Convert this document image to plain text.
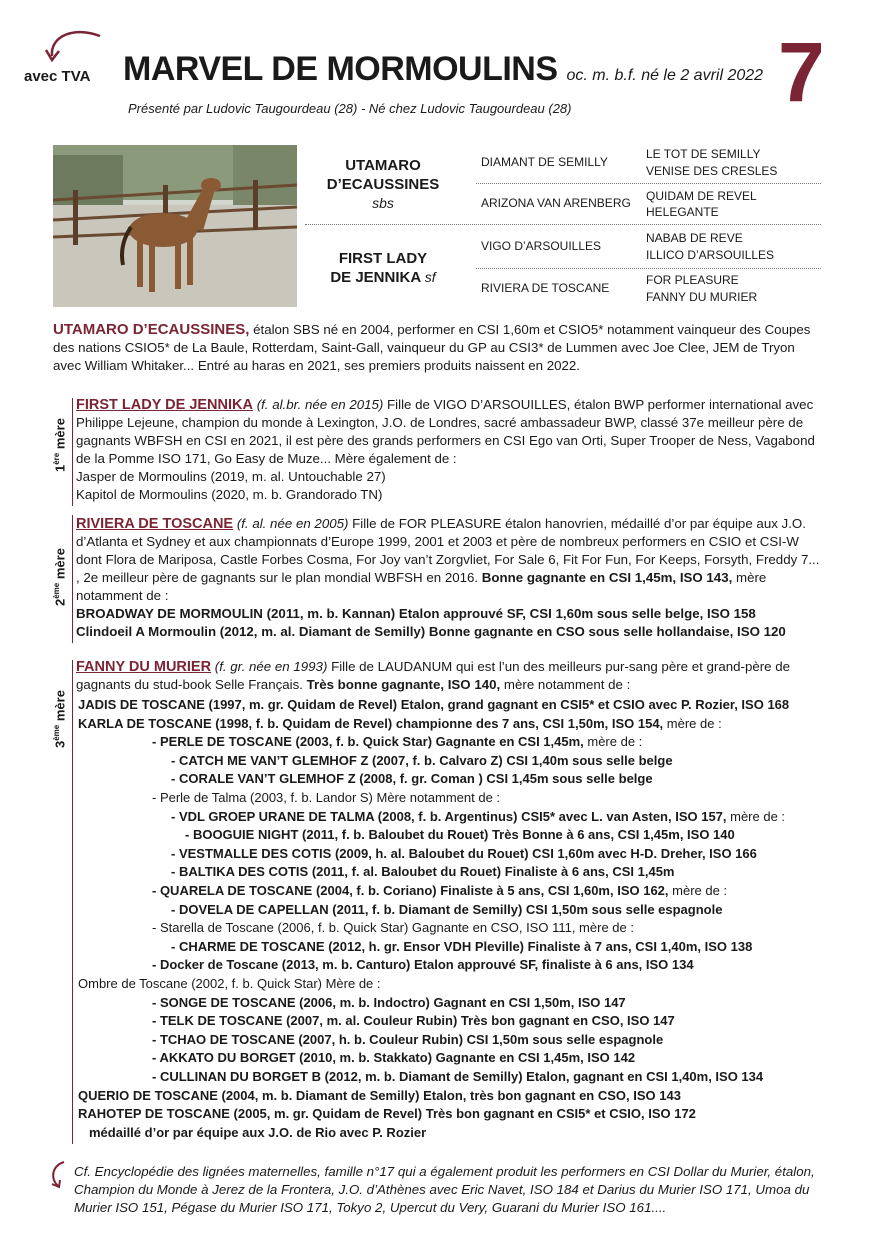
avec TVA MARVEL DE MORMOULINS oc. m. b.f. né le 2 avril 2022 7
Présenté par Ludovic Taugourdeau (28) - Né chez Ludovic Taugourdeau (28)
UTAMARO
D’ECAUSSINES
sbs
FIRST LADY
DE JENNIKA sf
DIAMANT DE SEMILLY
ARIZONA VAN ARENBERG
VIGO D’ARSOUILLES
RIVIERA DE TOSCANE
LE TOT DE SEMILLY
VENISE DES CRESLES
QUIDAM DE REVEL
HELEGANTE
NABAB DE REVE
ILLICO D’ARSOUILLES
FOR PLEASURE
FANNY DU MURIER
UTAMARO D’ECAUSSINES, étalon SBS né en 2004, performer en CSI 1,60m et CSIO5* notamment vainqueur des Coupes des nations CSIO5* de La Baule, Rotterdam, Saint-Gall, vainqueur du GP au CSI3* de Lummen avec Joe Clee, JEM de Tryon avec William Whitaker... Entré au haras en 2021, ses premiers produits naissent en 2022.
1ère mère
FIRST LADY DE JENNIKA (f. al.br. née en 2015) Fille de VIGO D’ARSOUILLES, étalon BWP performer international avec Philippe Lejeune, champion du monde à Lexington, J.O. de Londres, sacré ambassadeur BWP, classé 37e meilleur père de gagnants WBFSH en CSI en 2021, il est père des grands performers en CSI Ego van Orti, Super Trooper de Ness, Vagabond de la Pomme ISO 171, Go Easy de Muze... Mère également de :
Jasper de Mormoulins (2019, m. al. Untouchable 27)
Kapitol de Mormoulins (2020, m. b. Grandorado TN)
2ème mère
RIVIERA DE TOSCANE (f. al. née en 2005) Fille de FOR PLEASURE étalon hanovrien, médaillé d’or par équipe aux J.O. d’Atlanta et Sydney et aux championnats d’Europe 1999, 2001 et 2003 et père de nombreux performers en CSIO et CSI-W dont Flora de Mariposa, Castle Forbes Cosma, For Joy van’t Zorgvliet, For Sale 6, Fit For Fun, For Keeps, Forsyth, Freddy 7... , 2e meilleur père de gagnants sur le plan mondial WBFSH en 2016. Bonne gagnante en CSI 1,45m, ISO 143, mère notamment de :
BROADWAY DE MORMOULIN (2011, m. b. Kannan) Etalon approuvé SF, CSI 1,60m sous selle belge, ISO 158
Clindoeil A Mormoulin (2012, m. al. Diamant de Semilly) Bonne gagnante en CSO sous selle hollandaise, ISO 120
3ème mère
FANNY DU MURIER (f. gr. née en 1993) Fille de LAUDANUM qui est l’un des meilleurs pur-sang père et grand-père de gagnants du stud-book Selle Français. Très bonne gagnante, ISO 140, mère notamment de :
JADIS DE TOSCANE (1997, m. gr. Quidam de Revel) Etalon, grand gagnant en CSI5* et CSIO avec P. Rozier, ISO 168
KARLA DE TOSCANE (1998, f. b. Quidam de Revel) championne des 7 ans, CSI 1,50m, ISO 154, mère de :
- PERLE DE TOSCANE (2003, f. b. Quick Star) Gagnante en CSI 1,45m, mère de :
- CATCH ME VAN’T GLEMHOF Z (2007, f. b. Calvaro Z) CSI 1,40m sous selle belge
- CORALE VAN’T GLEMHOF Z (2008, f. gr. Coman ) CSI 1,45m sous selle belge
- Perle de Talma (2003, f. b. Landor S) Mère notamment de :
- VDL GROEP URANE DE TALMA (2008, f. b. Argentinus) CSI5* avec L. van Asten, ISO 157, mère de :
- BOOGUIE NIGHT (2011, f. b. Baloubet du Rouet) Très Bonne à 6 ans, CSI 1,45m, ISO 140
- VESTMALLE DES COTIS (2009, h. al. Baloubet du Rouet) CSI 1,60m avec H-D. Dreher, ISO 166
- BALTIKA DES COTIS (2011, f. al. Baloubet du Rouet) Finaliste à 6 ans, CSI 1,45m
- QUARELA DE TOSCANE (2004, f. b. Coriano) Finaliste à 5 ans, CSI 1,60m, ISO 162, mère de :
- DOVELA DE CAPELLAN (2011, f. b. Diamant de Semilly) CSI 1,50m sous selle espagnole
- Starella de Toscane (2006, f. b. Quick Star) Gagnante en CSO, ISO 111, mère de :
- CHARME DE TOSCANE (2012, h. gr. Ensor VDH Pleville) Finaliste à 7 ans, CSI 1,40m, ISO 138
- Docker de Toscane (2013, m. b. Canturo) Etalon approuvé SF, finaliste à 6 ans, ISO 134
Ombre de Toscane (2002, f. b. Quick Star) Mère de :
- SONGE DE TOSCANE (2006, m. b. Indoctro) Gagnant en CSI 1,50m, ISO 147
- TELK DE TOSCANE (2007, m. al. Couleur Rubin) Très bon gagnant en CSO, ISO 147
- TCHAO DE TOSCANE (2007, h. b. Couleur Rubin) CSI 1,50m sous selle espagnole
- AKKATO DU BORGET (2010, m. b. Stakkato) Gagnante en CSI 1,45m, ISO 142
- CULLINAN DU BORGET B (2012, m. b. Diamant de Semilly) Etalon, gagnant en CSI 1,40m, ISO 134
QUERIO DE TOSCANE (2004, m. b. Diamant de Semilly) Etalon, très bon gagnant en CSO, ISO 143
RAHOTEP DE TOSCANE (2005, m. gr. Quidam de Revel) Très bon gagnant en CSI5* et CSIO, ISO 172
médaillé d’or par équipe aux J.O. de Rio avec P. Rozier
Cf. Encyclopédie des lignées maternelles, famille n°17 qui a également produit les performers en CSI Dollar du Murier, étalon, Champion du Monde à Jerez de la Frontera, J.O. d’Athènes avec Eric Navet, ISO 184 et Darius du Murier ISO 171, Umoa du Murier ISO 151, Pégase du Murier ISO 171, Tokyo 2, Upercut du Very, Guarani du Murier ISO 161....
